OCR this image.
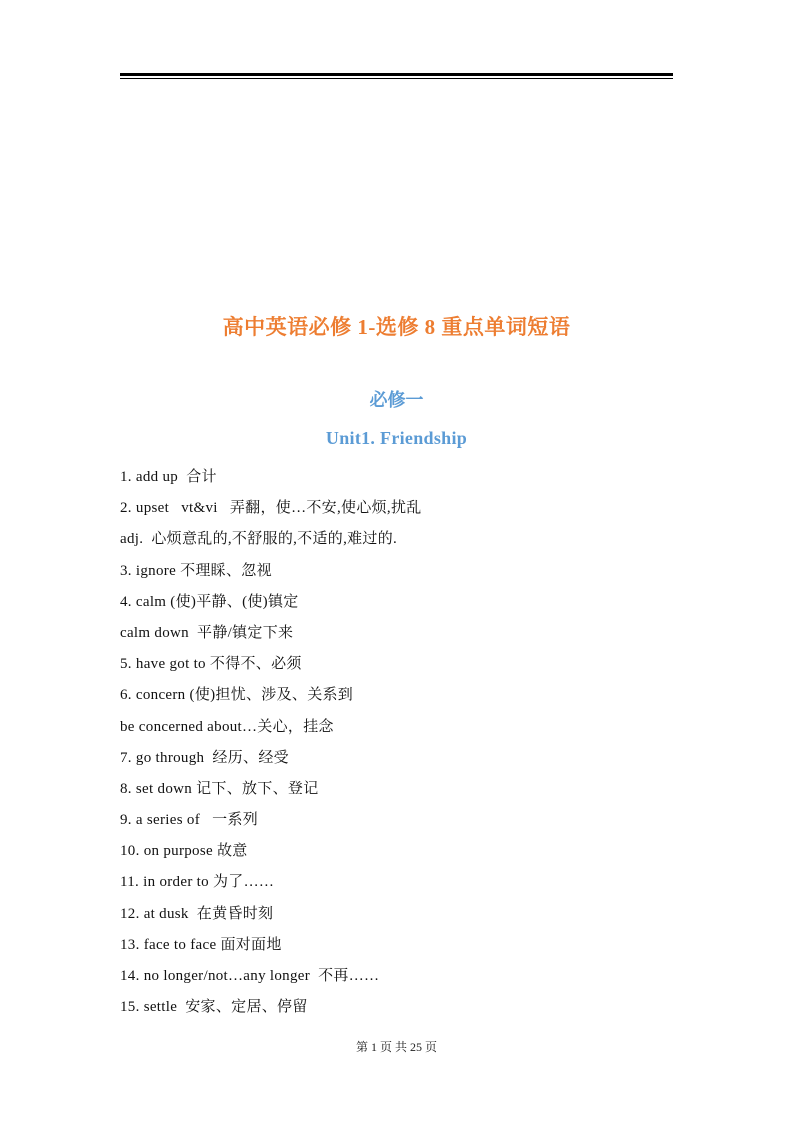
高中英语必修 1-选修 8 重点单词短语
必修一
Unit1. Friendship
1. add up  合计
2. upset   vt&vi   弄翻，使…不安,使心烦,扰乱
adj.  心烦意乱的,不舒服的,不适的,难过的.
3. ignore 不理睬、忽视
4. calm (使)平静、(使)镇定
calm down  平静/镇定下来
5. have got to 不得不、必须
6. concern (使)担忧、涉及、关系到
be concerned about…关心，挂念
7. go through  经历、经受
8. set down 记下、放下、登记
9. a series of   一系列
10. on purpose 故意
11. in order to 为了……
12. at dusk  在黄昏时刻
13. face to face 面对面地
14. no longer/not…any longer  不再……
15. settle  安家、定居、停留
第 1 页 共 25 页
